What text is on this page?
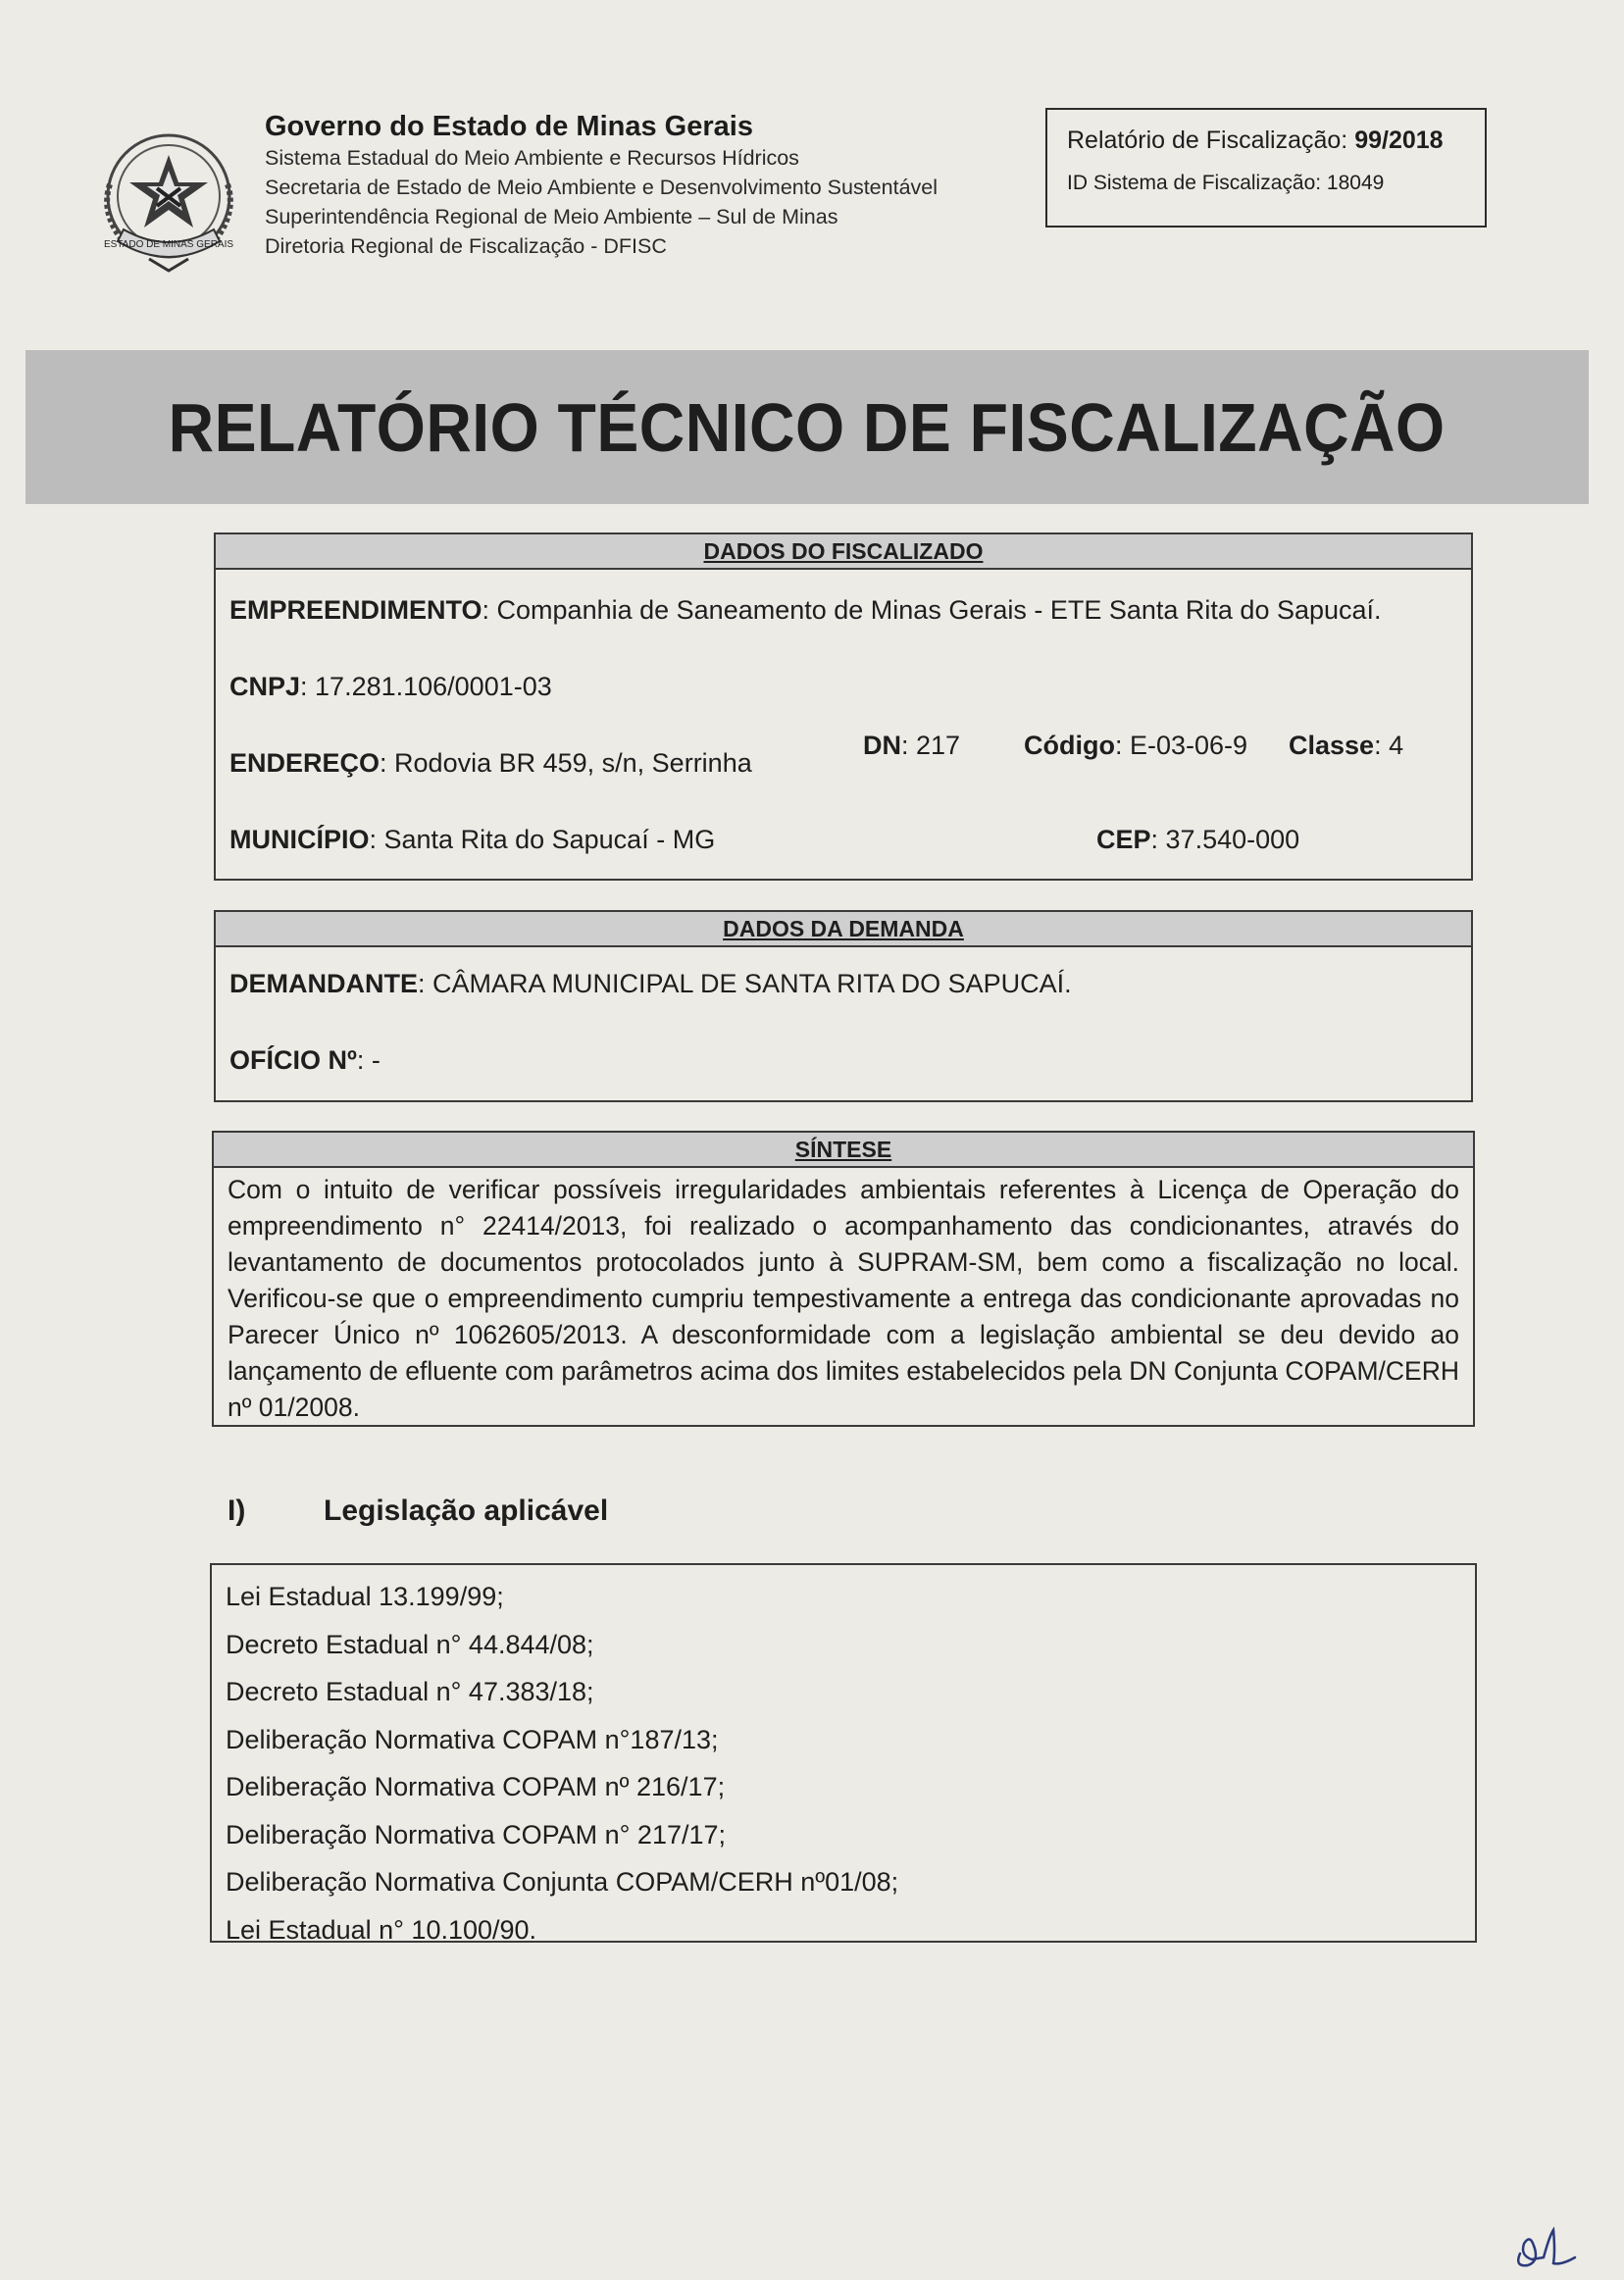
ESTADO DE MINAS GERAIS
Governo do Estado de Minas Gerais
Sistema Estadual do Meio Ambiente e Recursos Hídricos
Secretaria de Estado de Meio Ambiente e Desenvolvimento Sustentável
Superintendência Regional de Meio Ambiente – Sul de Minas
Diretoria Regional de Fiscalização - DFISC
Relatório de Fiscalização: 99/2018
ID Sistema de Fiscalização: 18049
RELATÓRIO TÉCNICO DE FISCALIZAÇÃO
DADOS DO FISCALIZADO
EMPREENDIMENTO: Companhia de Saneamento de Minas Gerais - ETE Santa Rita do Sapucaí.
CNPJ: 17.281.106/0001-03
ENDEREÇO: Rodovia BR 459, s/n, Serrinha
DN: 217 Código: E-03-06-9 Classe: 4
MUNICÍPIO: Santa Rita do Sapucaí - MG	CEP: 37.540-000
DADOS DA DEMANDA
DEMANDANTE: CÂMARA MUNICIPAL DE SANTA RITA DO SAPUCAÍ.
OFÍCIO Nº: -
SÍNTESE
Com o intuito de verificar possíveis irregularidades ambientais referentes à Licença de Operação do empreendimento n° 22414/2013, foi realizado o acompanhamento das condicionantes, através do levantamento de documentos protocolados junto à SUPRAM-SM, bem como a fiscalização no local. Verificou-se que o empreendimento cumpriu tempestivamente a entrega das condicionante aprovadas no Parecer Único nº 1062605/2013. A desconformidade com a legislação ambiental se deu devido ao lançamento de efluente com parâmetros acima dos limites estabelecidos pela DN Conjunta COPAM/CERH nº 01/2008.
I)	Legislação aplicável
Lei Estadual 13.199/99;
Decreto Estadual n° 44.844/08;
Decreto Estadual n° 47.383/18;
Deliberação Normativa COPAM n°187/13;
Deliberação Normativa COPAM nº 216/17;
Deliberação Normativa COPAM n° 217/17;
Deliberação Normativa Conjunta COPAM/CERH nº01/08;
Lei Estadual n° 10.100/90.
